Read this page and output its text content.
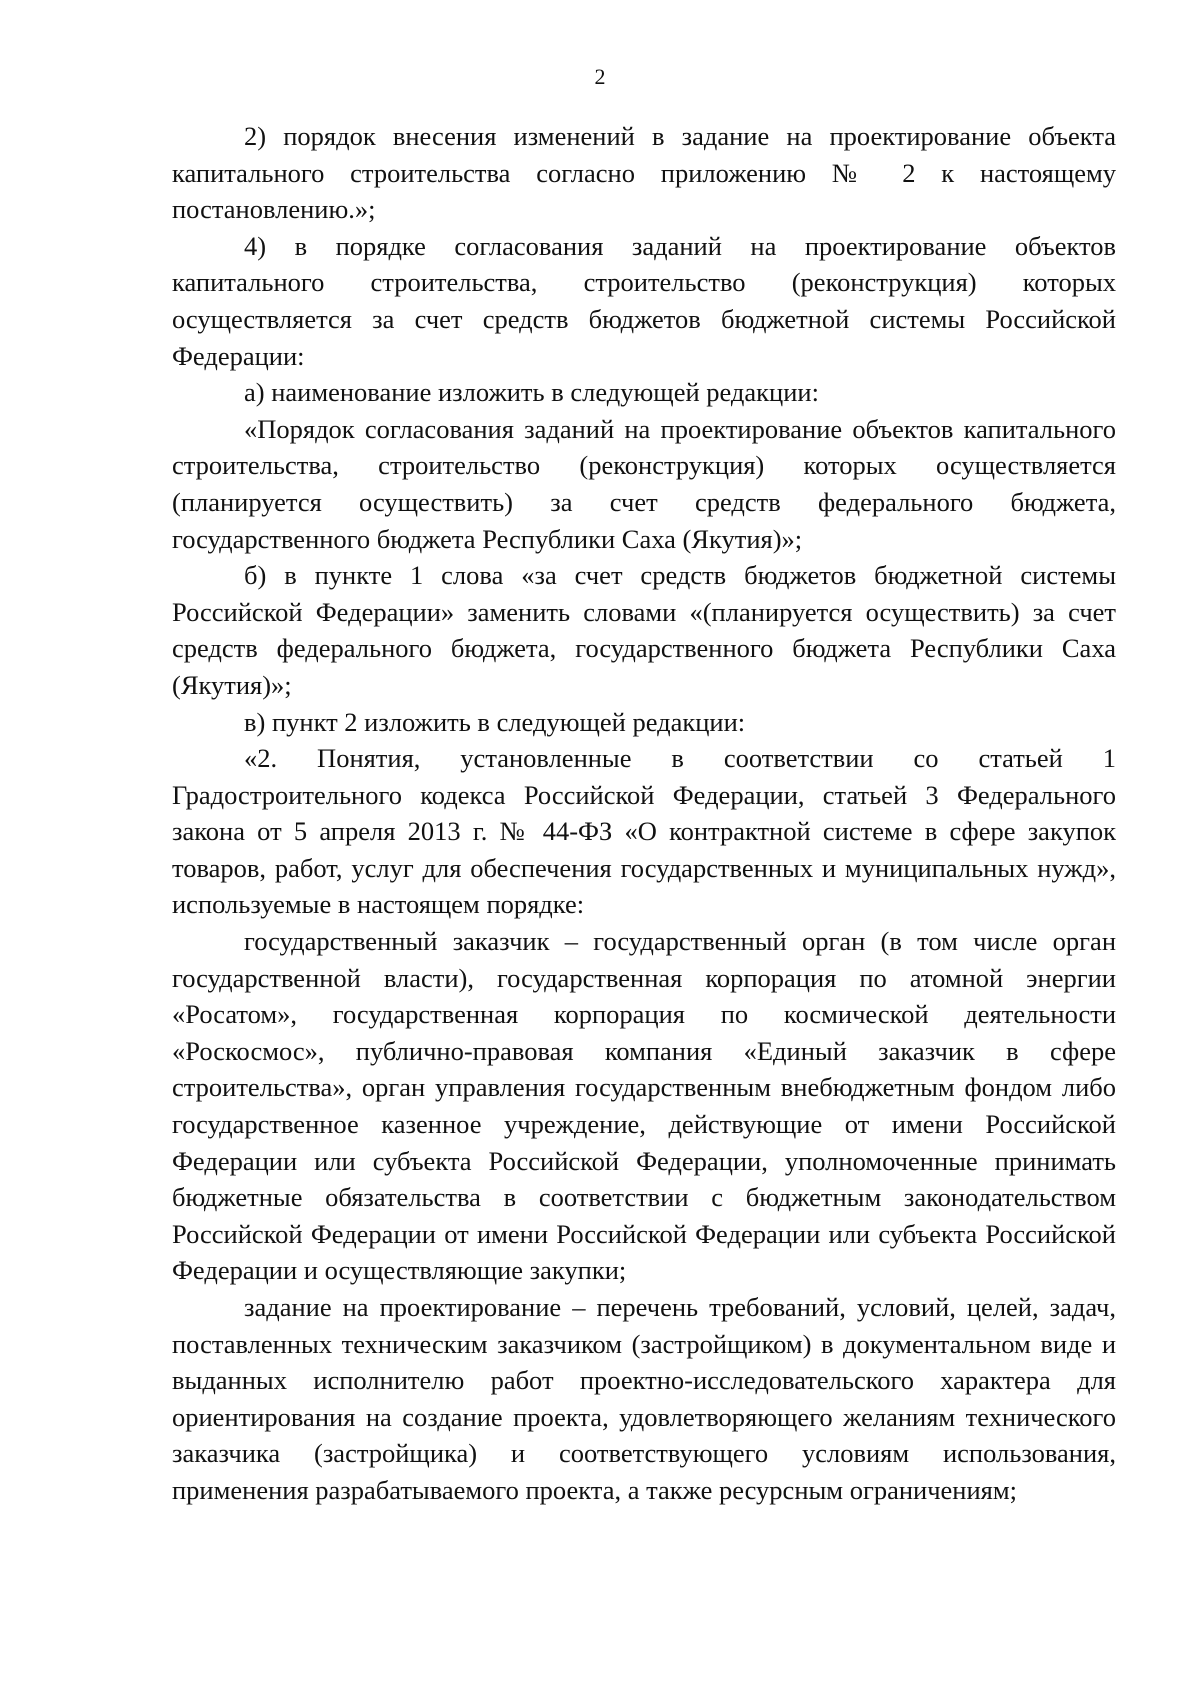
2

2) порядок внесения изменений в задание на проектирование объекта капитального строительства согласно приложению № 2 к настоящему постановлению.»;

4) в порядке согласования заданий на проектирование объектов капитального строительства, строительство (реконструкция) которых осуществляется за счет средств бюджетов бюджетной системы Российской Федерации:

а) наименование изложить в следующей редакции:

«Порядок согласования заданий на проектирование объектов капитального строительства, строительство (реконструкция) которых осуществляется (планируется осуществить) за счет средств федерального бюджета, государственного бюджета Республики Саха (Якутия)»;

б) в пункте 1 слова «за счет средств бюджетов бюджетной системы Российской Федерации» заменить словами «(планируется осуществить) за счет средств федерального бюджета, государственного бюджета Республики Саха (Якутия)»;

в) пункт 2 изложить в следующей редакции:

«2. Понятия, установленные в соответствии со статьей 1 Градостроительного кодекса Российской Федерации, статьей 3 Федерального закона от 5 апреля 2013 г. № 44-ФЗ «О контрактной системе в сфере закупок товаров, работ, услуг для обеспечения государственных и муниципальных нужд», используемые в настоящем порядке:

государственный заказчик – государственный орган (в том числе орган государственной власти), государственная корпорация по атомной энергии «Росатом», государственная корпорация по космической деятельности «Роскосмос», публично-правовая компания «Единый заказчик в сфере строительства», орган управления государственным внебюджетным фондом либо государственное казенное учреждение, действующие от имени Российской Федерации или субъекта Российской Федерации, уполномоченные принимать бюджетные обязательства в соответствии с бюджетным законодательством Российской Федерации от имени Российской Федерации или субъекта Российской Федерации и осуществляющие закупки;

задание на проектирование – перечень требований, условий, целей, задач, поставленных техническим заказчиком (застройщиком) в документальном виде и выданных исполнителю работ проектно-исследовательского характера для ориентирования на создание проекта, удовлетворяющего желаниям технического заказчика (застройщика) и соответствующего условиям использования, применения разрабатываемого проекта, а также ресурсным ограничениям;
